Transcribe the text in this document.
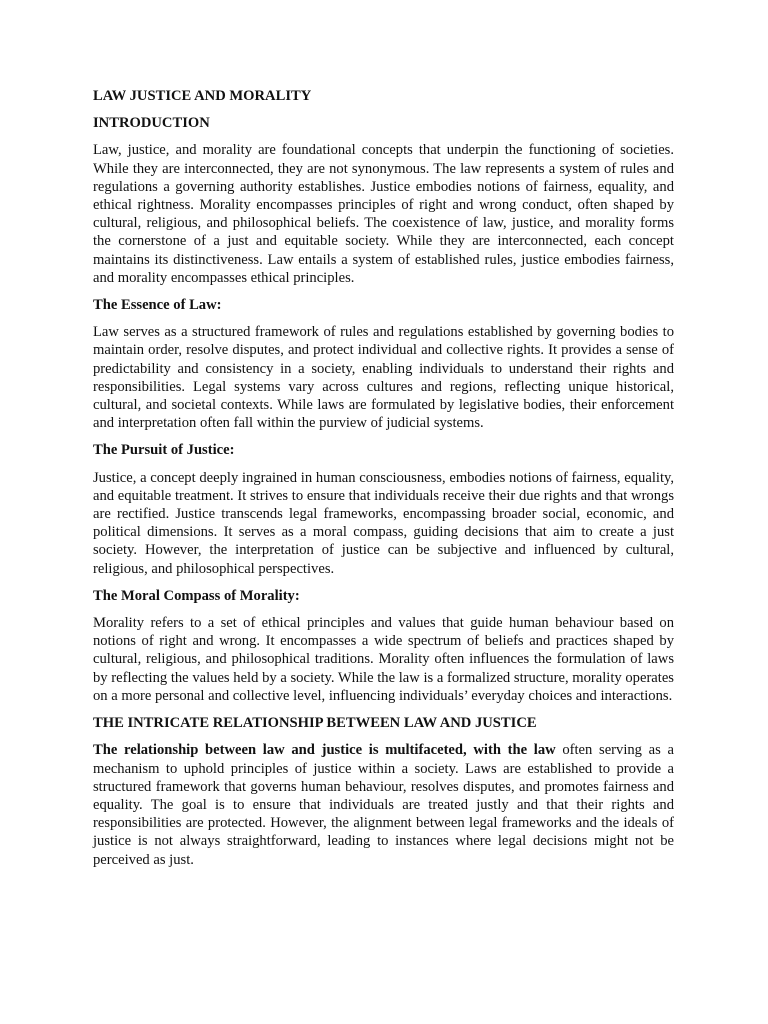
LAW JUSTICE AND MORALITY
INTRODUCTION
Law, justice, and morality are foundational concepts that underpin the functioning of societies. While they are interconnected, they are not synonymous. The law represents a system of rules and regulations a governing authority establishes. Justice embodies notions of fairness, equality, and ethical rightness. Morality encompasses principles of right and wrong conduct, often shaped by cultural, religious, and philosophical beliefs. The coexistence of law, justice, and morality forms the cornerstone of a just and equitable society. While they are interconnected, each concept maintains its distinctiveness. Law entails a system of established rules, justice embodies fairness, and morality encompasses ethical principles.
The Essence of Law:
Law serves as a structured framework of rules and regulations established by governing bodies to maintain order, resolve disputes, and protect individual and collective rights. It provides a sense of predictability and consistency in a society, enabling individuals to understand their rights and responsibilities. Legal systems vary across cultures and regions, reflecting unique historical, cultural, and societal contexts. While laws are formulated by legislative bodies, their enforcement and interpretation often fall within the purview of judicial systems.
The Pursuit of Justice:
Justice, a concept deeply ingrained in human consciousness, embodies notions of fairness, equality, and equitable treatment. It strives to ensure that individuals receive their due rights and that wrongs are rectified. Justice transcends legal frameworks, encompassing broader social, economic, and political dimensions. It serves as a moral compass, guiding decisions that aim to create a just society. However, the interpretation of justice can be subjective and influenced by cultural, religious, and philosophical perspectives.
The Moral Compass of Morality:
Morality refers to a set of ethical principles and values that guide human behaviour based on notions of right and wrong. It encompasses a wide spectrum of beliefs and practices shaped by cultural, religious, and philosophical traditions. Morality often influences the formulation of laws by reflecting the values held by a society. While the law is a formalized structure, morality operates on a more personal and collective level, influencing individuals’ everyday choices and interactions.
THE INTRICATE RELATIONSHIP BETWEEN LAW AND JUSTICE
The relationship between law and justice is multifaceted, with the law often serving as a mechanism to uphold principles of justice within a society. Laws are established to provide a structured framework that governs human behaviour, resolves disputes, and promotes fairness and equality. The goal is to ensure that individuals are treated justly and that their rights and responsibilities are protected. However, the alignment between legal frameworks and the ideals of justice is not always straightforward, leading to instances where legal decisions might not be perceived as just.
